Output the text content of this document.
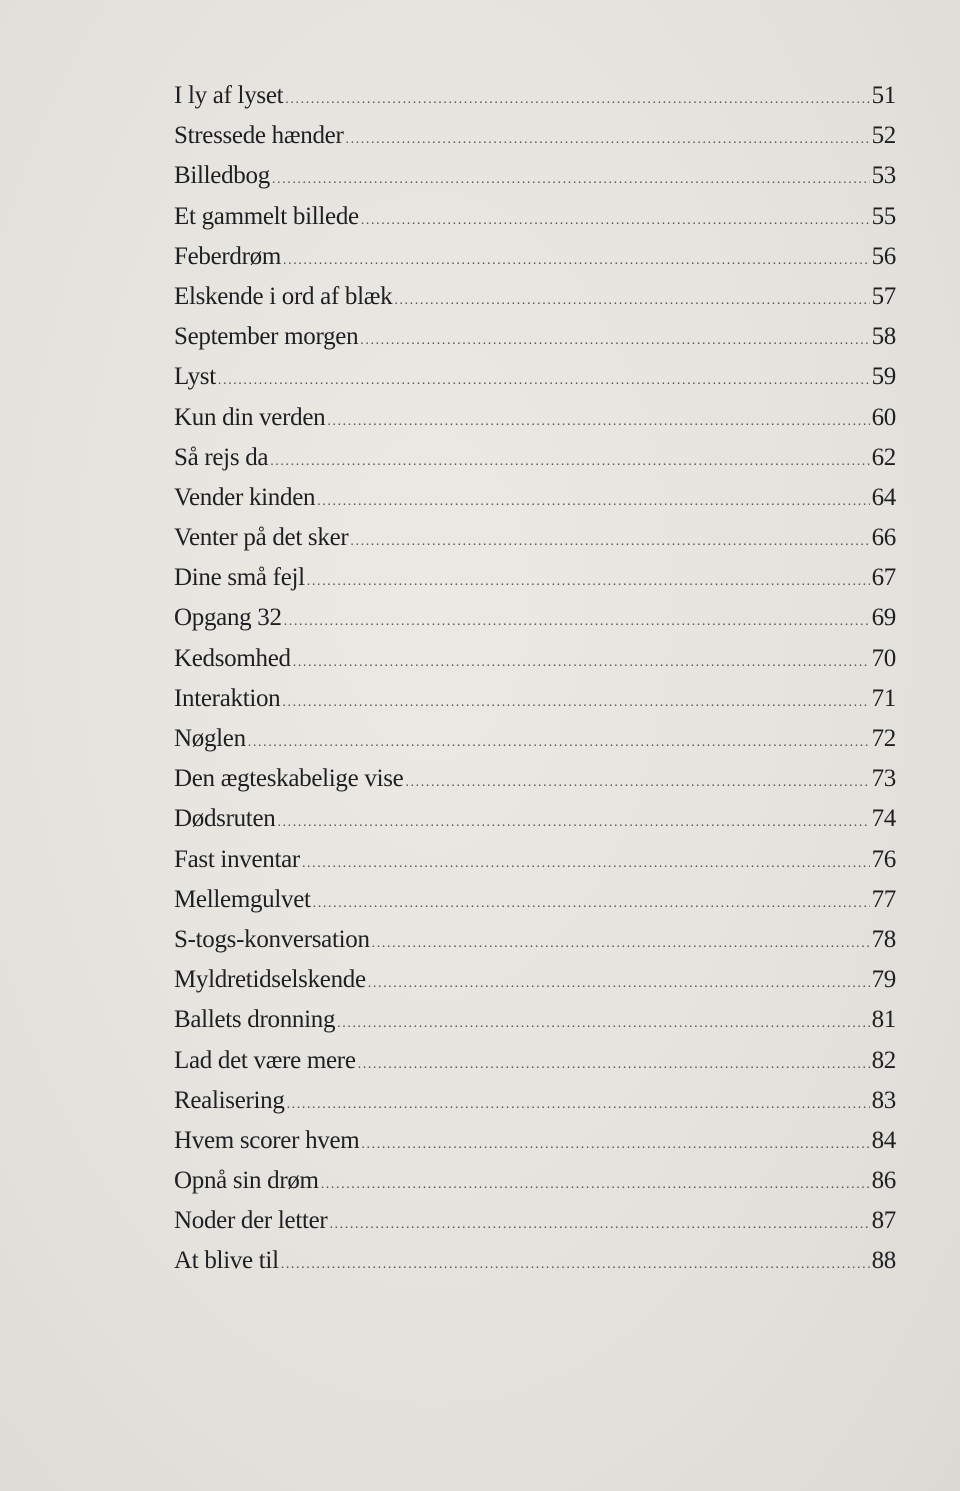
I ly af lyset .....	51
Stressede hænder .....	52
Billedbog .....	53
Et gammelt billede .....	55
Feberdrøm .....	56
Elskende i ord af blæk .....	57
September morgen .....	58
Lyst .....	59
Kun din verden .....	60
Så rejs da .....	62
Vender kinden .....	64
Venter på det sker .....	66
Dine små fejl .....	67
Opgang 32 .....	69
Kedsomhed .....	70
Interaktion .....	71
Nøglen .....	72
Den ægteskabelige vise .....	73
Dødsruten .....	74
Fast inventar .....	76
Mellemgulvet .....	77
S-togs-konversation .....	78
Myldretidselskende .....	79
Ballets dronning .....	81
Lad det være mere .....	82
Realisering .....	83
Hvem scorer hvem .....	84
Opnå sin drøm .....	86
Noder der letter .....	87
At blive til .....	88
